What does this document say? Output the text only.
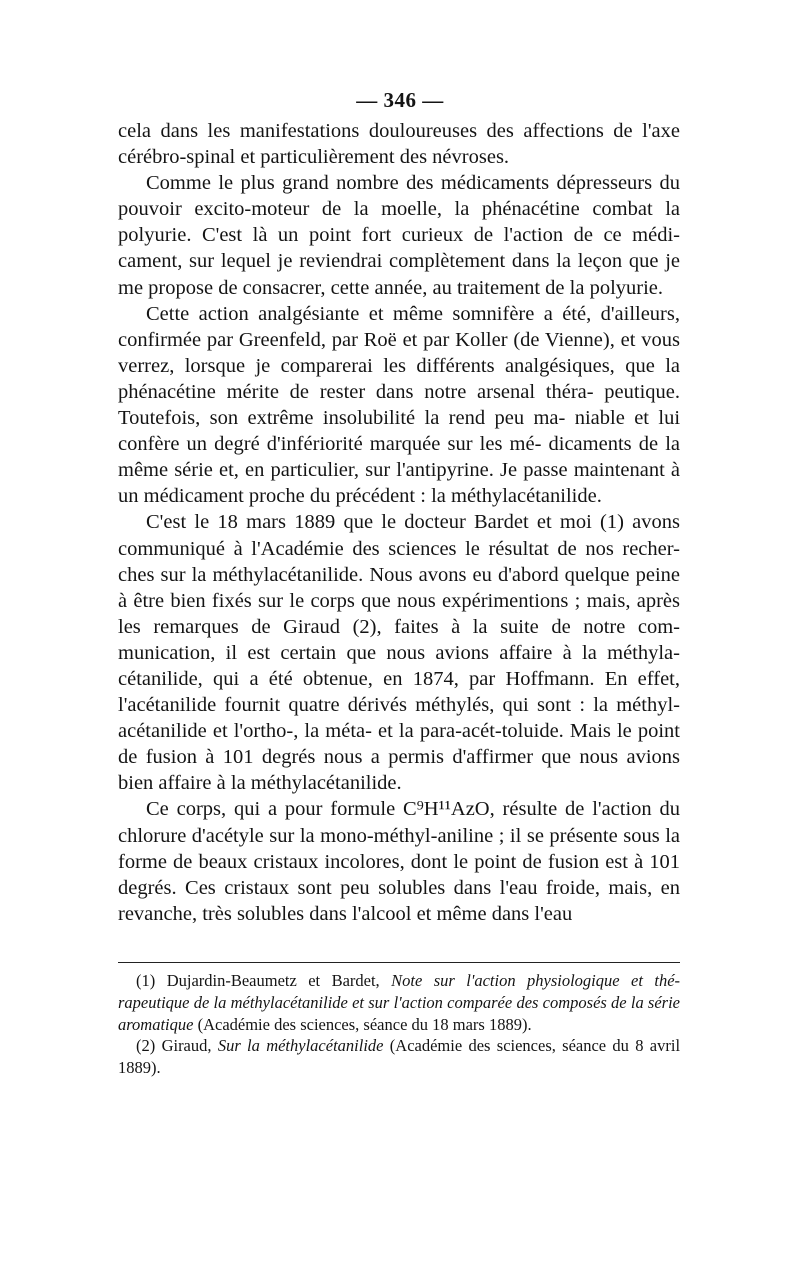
— 346 —

cela dans les manifestations douloureuses des affections de l'axe cérébro-spinal et particulièrement des névroses.

Comme le plus grand nombre des médicaments dépresseurs du pouvoir excito-moteur de la moelle, la phénacétine combat la polyurie. C'est là un point fort curieux de l'action de ce médi- cament, sur lequel je reviendrai complètement dans la leçon que je me propose de consacrer, cette année, au traitement de la polyurie.

Cette action analgésiante et même somnifère a été, d'ailleurs, confirmée par Greenfeld, par Roë et par Koller (de Vienne), et vous verrez, lorsque je comparerai les différents analgésiques, que la phénacétine mérite de rester dans notre arsenal théra- peutique. Toutefois, son extrême insolubilité la rend peu ma- niable et lui confère un degré d'infériorité marquée sur les mé- dicaments de la même série et, en particulier, sur l'antipyrine. Je passe maintenant à un médicament proche du précédent : la méthylacétanilide.

C'est le 18 mars 1889 que le docteur Bardet et moi (1) avons communiqué à l'Académie des sciences le résultat de nos recher- ches sur la méthylacétanilide. Nous avons eu d'abord quelque peine à être bien fixés sur le corps que nous expérimentions ; mais, après les remarques de Giraud (2), faites à la suite de notre com- munication, il est certain que nous avions affaire à la méthyla- cétanilide, qui a été obtenue, en 1874, par Hoffmann. En effet, l'acétanilide fournit quatre dérivés méthylés, qui sont : la méthyl- acétanilide et l'ortho-, la méta- et la para-acét-toluide. Mais le point de fusion à 101 degrés nous a permis d'affirmer que nous avions bien affaire à la méthylacétanilide.

Ce corps, qui a pour formule C⁹H¹¹AzO, résulte de l'action du chlorure d'acétyle sur la mono-méthyl-aniline ; il se présente sous la forme de beaux cristaux incolores, dont le point de fusion est à 101 degrés. Ces cristaux sont peu solubles dans l'eau froide, mais, en revanche, très solubles dans l'alcool et même dans l'eau

(1) Dujardin-Beaumetz et Bardet, Note sur l'action physiologique et thé-rapeutique de la méthylacétanilide et sur l'action comparée des composés de la série aromatique (Académie des sciences, séance du 18 mars 1889).

(2) Giraud, Sur la méthylacétanilide (Académie des sciences, séance du 8 avril 1889).
